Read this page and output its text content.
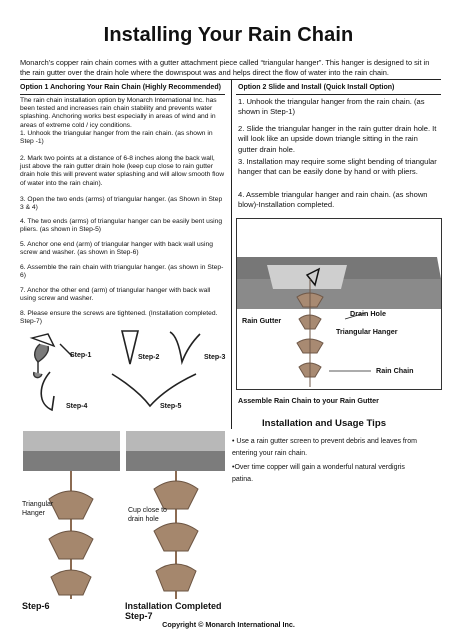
Installing Your Rain Chain
Monarch’s copper rain chain comes with a gutter attachment piece called “triangular hanger”. This hanger is designed to sit in the rain gutter over the drain hole where the downspout was and helps direct the flow of water into the rain chain.
Option 1 Anchoring Your Rain Chain (Highly Recommended)
The rain chain installation option by Monarch International Inc. has been tested and increases rain chain stability and prevents water splashing. Anchoring works best especially in areas of wind and in areas of extreme cold / icy conditions.
1. Unhook the triangular hanger from the rain chain. (as shown in Step -1)
2. Mark two points at a distance of 6-8 inches along the back wall, just above the rain gutter drain hole (keep cup close to rain gutter drain hole this will prevent water splashing and will allow smooth flow of water into the rain chain).
3. Open the two ends (arms) of triangular hanger. (as Shown in Step 3 & 4)
4. The two ends (arms) of triangular hanger can be easily bent using pliers. (as shown in Step-5)
5. Anchor one end (arm) of triangular hanger with back wall using screw and washer. (as shown in Step-6)
6. Assemble the rain chain with triangular hanger. (as shown in Step-6)
7. Anchor the other end (arm) of triangular hanger with back wall using screw and washer.
8. Please ensure the screws are tightened. (Installation completed. Step-7)
Step-1	Step-2	Step-3
Step-4	Step-5
Option 2 Slide and Install (Quick Install Option)
1. Unhook the triangular hanger from the rain chain. (as shown in Step-1)
2. Slide the triangular hanger in the rain gutter drain hole. It will look like an upside down triangle sitting in the rain gutter drain hole.
3. Installation may require some slight bending of triangular hanger that can be easily done by hand or with pliers.
4. Assemble triangular hanger and rain chain. (as shown blow)-Installation completed.
Drain Hole
Rain Gutter
Triangular Hanger
Rain Chain
Assemble Rain Chain to your Rain Gutter
Installation and Usage Tips
• Use a rain gutter screen to prevent debris and leaves from entering your rain chain.
•Over time copper will gain a wonderful natural verdigris patina.
Triangular Hanger	Cup close to drain hole
Step-6	Installation Completed Step-7
Copyright © Monarch International Inc.
